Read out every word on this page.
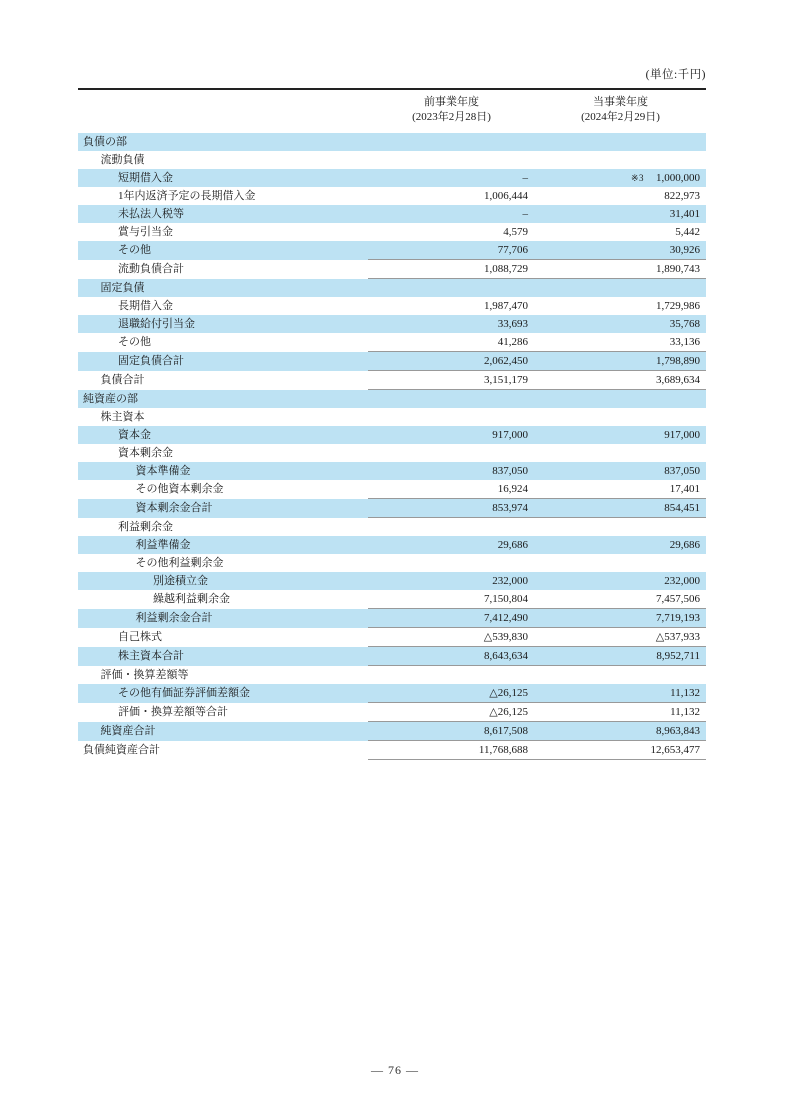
(単位:千円)

前事業年度
(2023年2月28日)

当事業年度
(2024年2月29日)

負債の部		

流動負債		

短期借入金	–	※3 1,000,000

1年内返済予定の長期借入金	1,006,444	822,973

未払法人税等	–	31,401

賞与引当金	4,579	5,442

その他	77,706	30,926

流動負債合計	1,088,729	1,890,743

固定負債		

長期借入金	1,987,470	1,729,986

退職給付引当金	33,693	35,768

その他	41,286	33,136

固定負債合計	2,062,450	1,798,890

負債合計	3,151,179	3,689,634

純資産の部		

株主資本		

資本金	917,000	917,000

資本剰余金		

資本準備金	837,050	837,050

その他資本剰余金	16,924	17,401

資本剰余金合計	853,974	854,451

利益剰余金		

利益準備金	29,686	29,686

その他利益剰余金		

別途積立金	232,000	232,000

繰越利益剰余金	7,150,804	7,457,506

利益剰余金合計	7,412,490	7,719,193

自己株式	△539,830	△537,933

株主資本合計	8,643,634	8,952,711

評価・換算差額等		

その他有価証券評価差額金	△26,125	11,132

評価・換算差額等合計	△26,125	11,132

純資産合計	8,617,508	8,963,843

負債純資産合計	11,768,688	12,653,477
— 76 —
